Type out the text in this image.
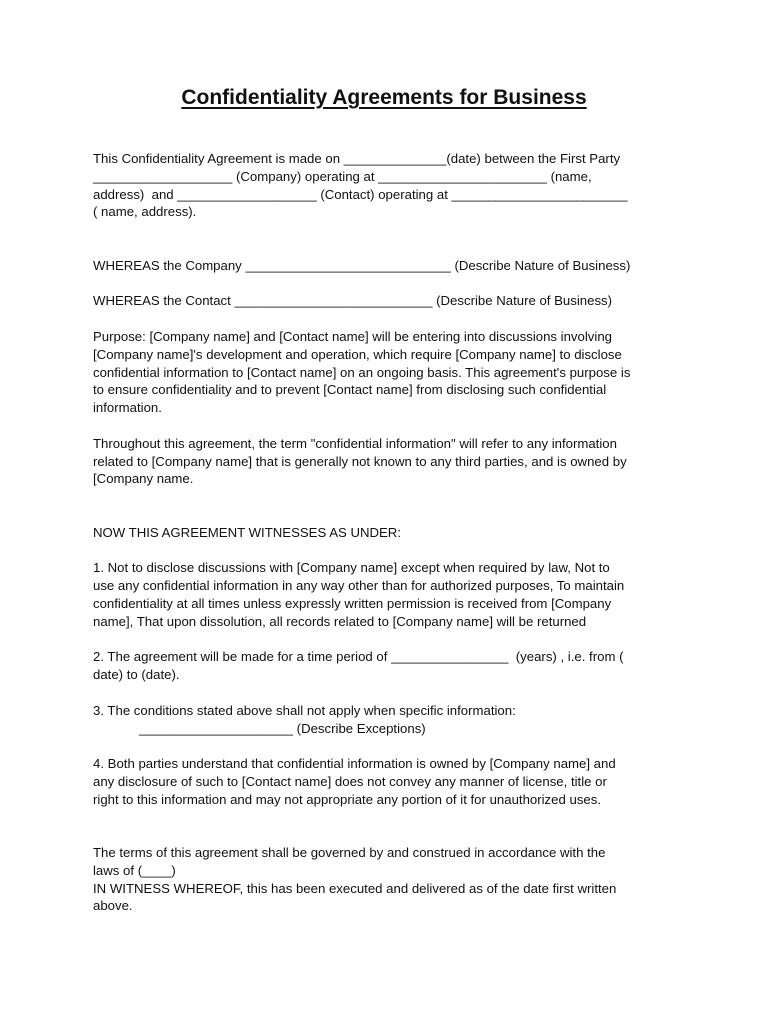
Confidentiality Agreements for Business

This Confidentiality Agreement is made on ______________(date) between the First Party
___________________ (Company) operating at _______________________ (name,
address)  and ___________________ (Contact) operating at ________________________
( name, address).

WHEREAS the Company ____________________________ (Describe Nature of Business)

WHEREAS the Contact ___________________________ (Describe Nature of Business)

Purpose: [Company name] and [Contact name] will be entering into discussions involving
[Company name]'s development and operation, which require [Company name] to disclose
confidential information to [Contact name] on an ongoing basis. This agreement's purpose is
to ensure confidentiality and to prevent [Contact name] from disclosing such confidential
information.

Throughout this agreement, the term "confidential information" will refer to any information
related to [Company name] that is generally not known to any third parties, and is owned by
[Company name.

NOW THIS AGREEMENT WITNESSES AS UNDER:

1. Not to disclose discussions with [Company name] except when required by law, Not to
use any confidential information in any way other than for authorized purposes, To maintain
confidentiality at all times unless expressly written permission is received from [Company
name], That upon dissolution, all records related to [Company name] will be returned

2. The agreement will be made for a time period of ________________  (years) , i.e. from (
date) to (date).

3. The conditions stated above shall not apply when specific information:
_____________________ (Describe Exceptions)

4. Both parties understand that confidential information is owned by [Company name] and
any disclosure of such to [Contact name] does not convey any manner of license, title or
right to this information and may not appropriate any portion of it for unauthorized uses.

The terms of this agreement shall be governed by and construed in accordance with the
laws of (____)
IN WITNESS WHEREOF, this has been executed and delivered as of the date first written
above.
